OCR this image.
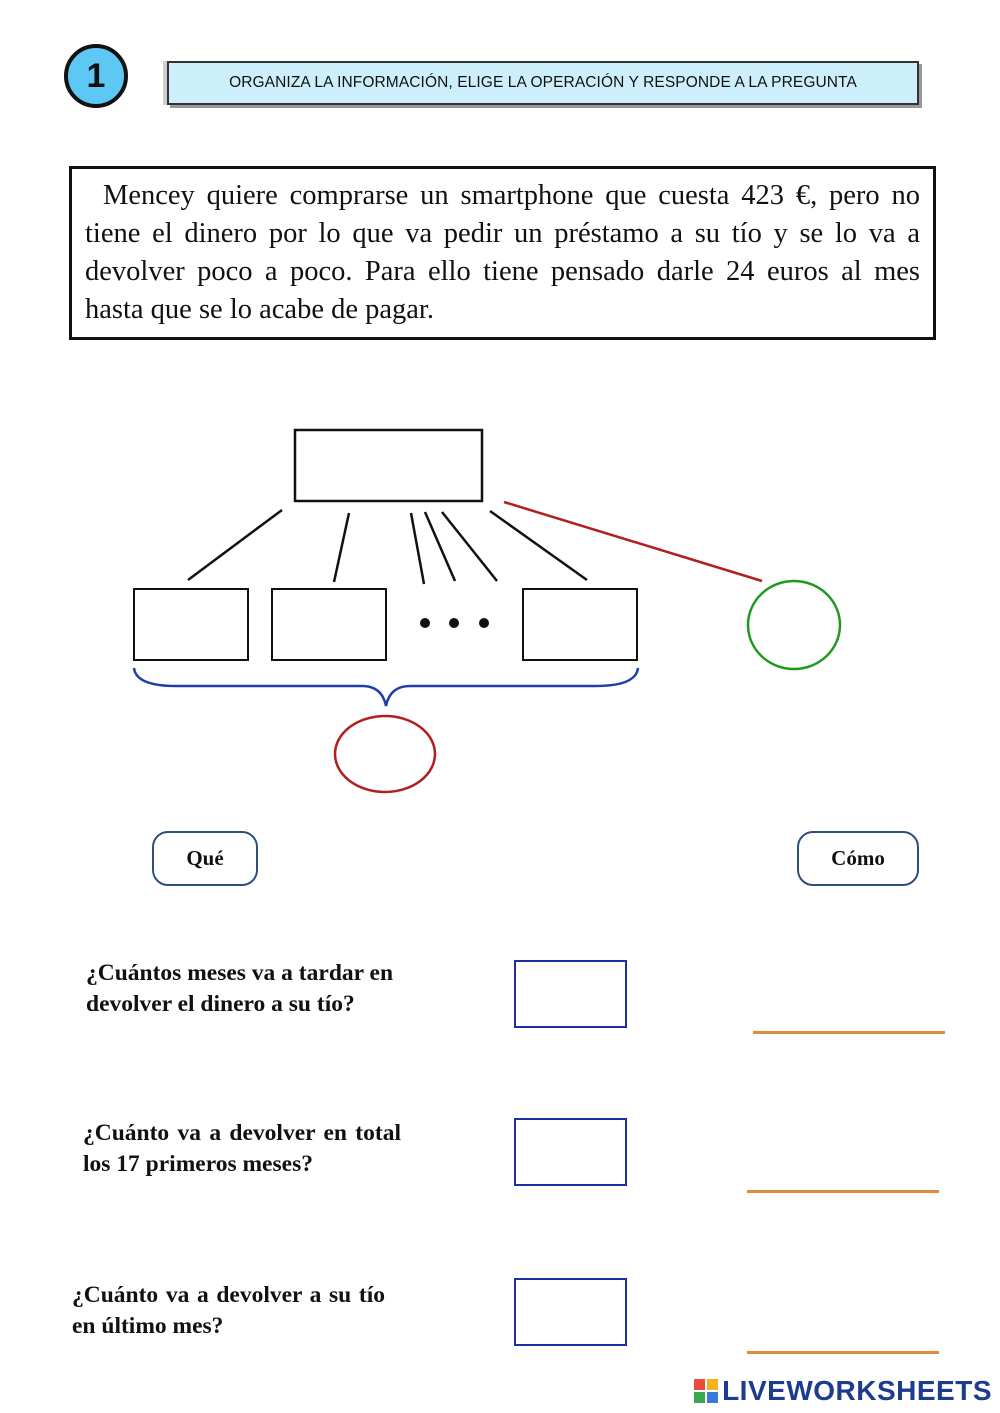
1	ORGANIZA LA INFORMACIÓN, ELIGE LA OPERACIÓN Y RESPONDE A LA PREGUNTA
Mencey quiere comprarse un smartphone que cuesta 423 €, pero no tiene el dinero por lo que va pedir un préstamo a su tío y se lo va a devolver poco a poco. Para ello tiene pensado darle 24 euros al mes hasta que se lo acabe de pagar.
Qué	Cómo
¿Cuántos meses va a tardar en devolver el dinero a su tío?
¿Cuánto va a devolver en total los 17 primeros meses?
¿Cuánto va a devolver a su tío en último mes?
LIVEWORKSHEETS
